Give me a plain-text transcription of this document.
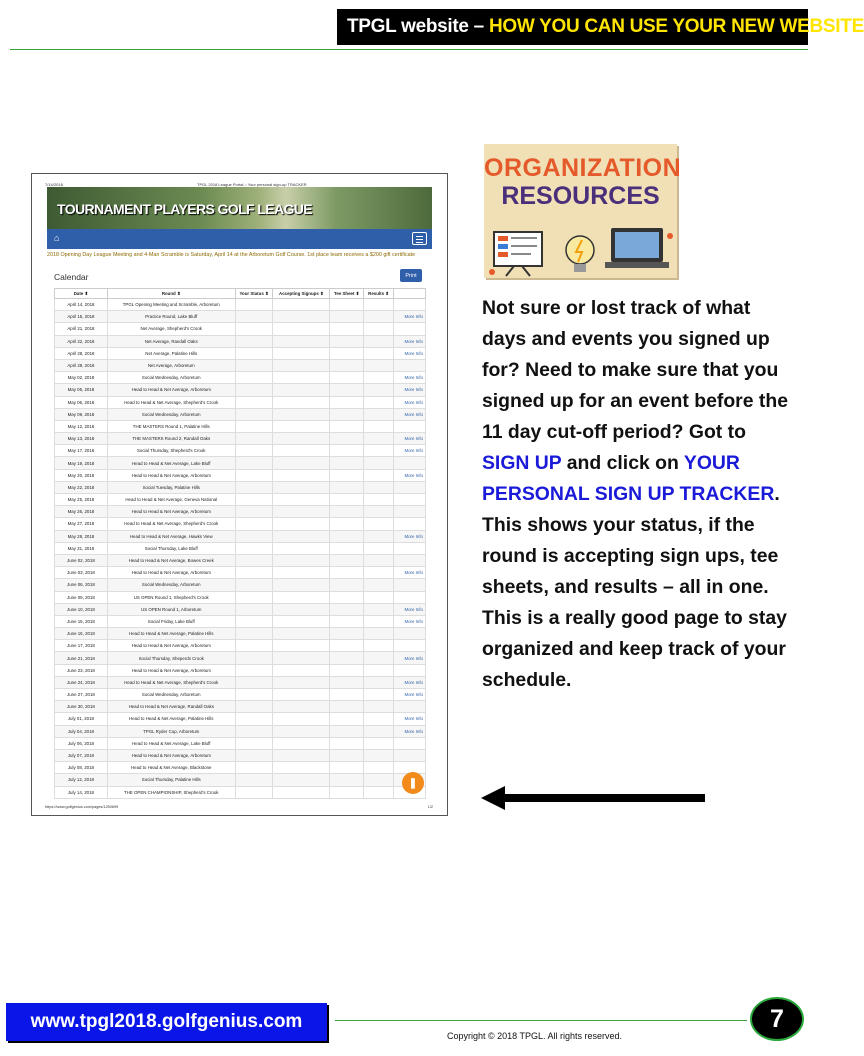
TPGL website – HOW YOU CAN USE YOUR NEW WEBSITE
7/14/2018	TPGL 2018 League Portal :: Your personal sign-up TRACKER
TOURNAMENT PLAYERS GOLF LEAGUE
⌂
2018 Opening Day League Meeting and 4-Man Scramble is Saturday, April 14 at the Arboretum Golf Course. 1st place team receives a $200 gift certificate
Calendar	Print
Date ⬍	Round ⬍	Your Status ⬍	Accepting Signups ⬍	Tee Sheet ⬍	Results ⬍	
April 14, 2018	TPGL Opening Meeting and Scramble, Arboretum					
April 15, 2018	Practice Round, Lake Bluff					More Info
April 21, 2018	Net Average, Shepherd's Crook					
April 22, 2018	Net Average, Randall Oaks					More Info
April 28, 2018	Net Average, Palatine Hills					More Info
April 29, 2018	Net Average, Arboretum					
May 02, 2018	Social Wednesday, Arboretum					More Info
May 05, 2018	Head to Head & Net Average, Arboretum					More Info
May 06, 2018	Head to Head & Net Average, Shepherd's Crook					More Info
May 09, 2018	Social Wednesday, Arboretum					More Info
May 12, 2018	THE MASTERS Round 1, Palatine Hills					
May 13, 2018	THE MASTERS Round 2, Randall Oaks					More Info
May 17, 2018	Social Thursday, Shepherd's Crook					More Info
May 19, 2018	Head to Head & Net Average, Lake Bluff					
May 20, 2018	Head to Head & Net Average, Arboretum					More Info
May 22, 2018	Social Tuesday, Palatine Hills					
May 25, 2018	Head to Head & Net Average, Geneva National					
May 26, 2018	Head to Head & Net Average, Arboretum					
May 27, 2018	Head to Head & Net Average, Shepherd's Crook					
May 28, 2018	Head to Head & Net Average, Hawks View					More Info
May 31, 2018	Social Thursday, Lake Bluff					
June 02, 2018	Head to Head & Net Average, Bowes Creek					
June 03, 2018	Head to Head & Net Average, Arboretum					More Info
June 06, 2018	Social Wednesday, Arboretum					
June 09, 2018	US OPEN Round 1, Shepherd's Crook					
June 10, 2018	US OPEN Round 1, Arboretum					More Info
June 15, 2018	Social Friday, Lake Bluff					More Info
June 16, 2018	Head to Head & Net Average, Palatine Hills					
June 17, 2018	Head to Head & Net Average, Arboretum					
June 21, 2018	Social Thursday, Sheperds Crook					More Info
June 23, 2018	Head to Head & Net Average, Arboretum					
June 24, 2018	Head to Head & Net Average, Shepherd's Crook					More Info
June 27, 2018	Social Wednesday, Arboretum					More Info
June 30, 2018	Head to Head & Net Average, Randall Oaks					
July 01, 2018	Head to Head & Net Average, Palatine Hills					More Info
July 04, 2018	TPGL Ryder Cup, Arboretum					More Info
July 06, 2018	Head to Head & Net Average, Lake Bluff					
July 07, 2018	Head to Head & Net Average, Arboretum					
July 08, 2018	Head to Head & Net Average, Blackstone					
July 12, 2018	Social Thursday, Palatine Hills					
July 14, 2018	THE OPEN CHAMPIONSHIP, Shepherd's Crook					
❚
https://www.golfgenius.com/pages/1250699	1/2
ORGANIZATION
RESOURCES

Not sure or lost track of what days and events you signed up for? Need to make sure that you signed up for an event before the 11 day cut-off period? Got to SIGN UP and click on YOUR PERSONAL SIGN UP TRACKER. This shows your status, if the round is accepting sign ups, tee sheets, and results – all in one. This is a really good page to stay organized and keep track of your schedule.

www.tpgl2018.golfgenius.com
Copyright © 2018 TPGL. All rights reserved.
7
